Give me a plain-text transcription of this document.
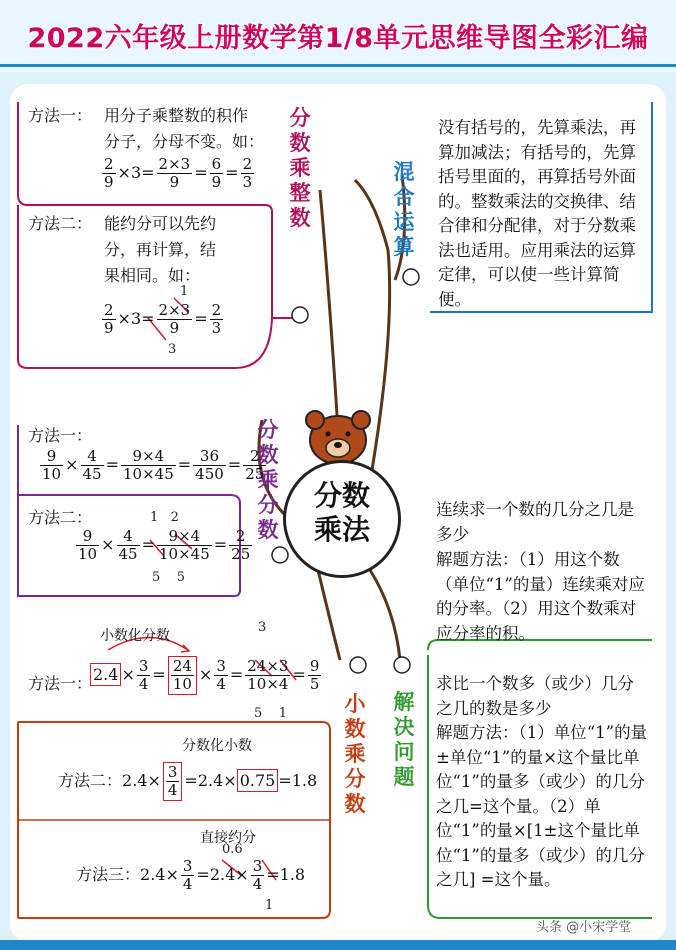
2022六年级上册数学第1/8单元思维导图全彩汇编
分数
乘法
分数乘整数
分数乘分数
小数乘分数
混合运算
解决问题
方法一： 用分子乘整数的积作
分子，分母不变。如：
$\frac{2}{9} \times 3= \frac{2\times 3}{9} = \frac{6}{9} = \frac{2}{3}$
方法二： 能约分可以先约
分，再计算，结
果相同。如：
1
$\frac{2}{9} \times 3= \frac{2\times 3}{9} = \frac{2}{3}$
3
方法一：
$\frac{9}{10} \times \frac{4}{45} = \frac{9\times 4}{10\times 45} = \frac{36}{450} = \frac{2}{25}$
方法二：	1   2
$\frac{9}{10} \times \frac{4}{45} = \frac{9\times 4}{10\times 45} = \frac{2}{25}$
5    5
小数化分数
方法一：
3
$2.4 \times \frac{3}{4} = \frac{24}{10} \times \frac{3}{4} = \frac{24\times 3}{10\times 4} = \frac{9}{5}$
5    1
分数化小数
方法二：$2.4\times \frac{3}{4} =2.4\times 0.75 =1.8$
直接约分
0.6
方法三：$2.4\times \frac{3}{4} =2.4\times \frac{3}{4} =1.8$
1
没有括号的，先算乘法，再算加减法；有括号的，先算括号里面的，再算括号外面的。整数乘法的交换律、结合律和分配律，对于分数乘法也适用。应用乘法的运算定律，可以使一些计算简便。
连续求一个数的几分之几是多少
解题方法：（1）用这个数（单位“1”的量）连续乘对应的分率。（2）用这个数乘对应分率的积。
求比一个数多（或少）几分之几的数是多少
解题方法：（1）单位“1”的量±单位“1”的量×这个量比单位“1”的量多（或少）的几分之几=这个量。（2）单位“1”的量×[1±这个量比单位“1”的量多（或少）的几分之几] =这个量。
头条 @小宋学堂
